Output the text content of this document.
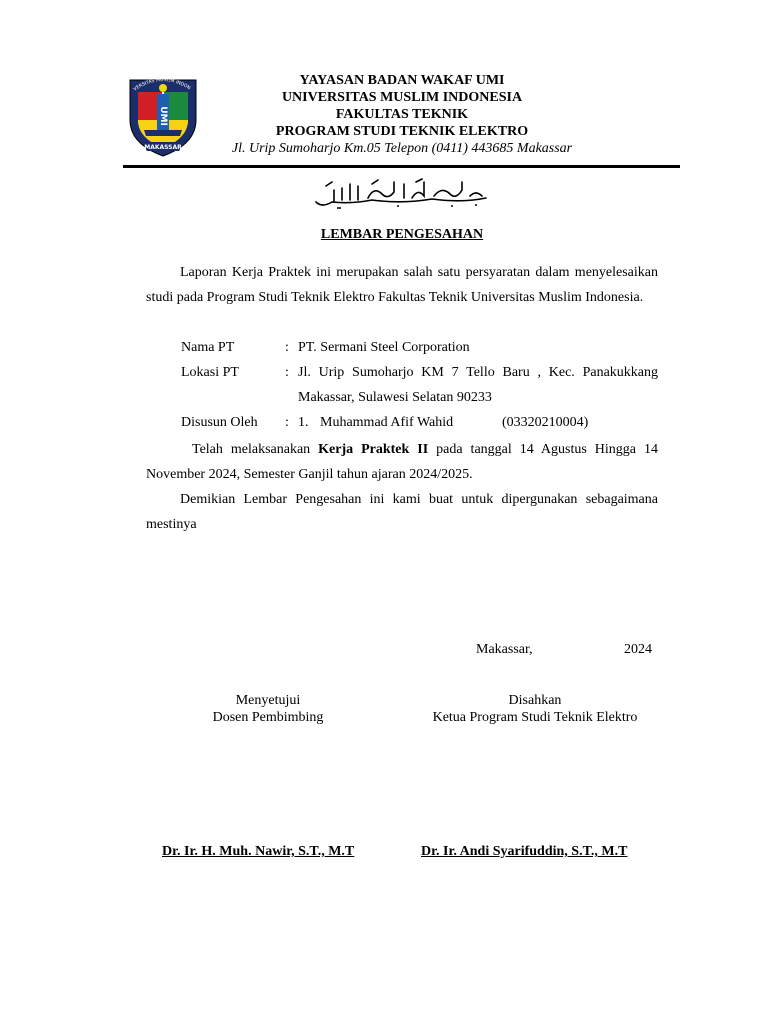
UMI
VERSITAS MUSLIM INDON
MAKASSAR
YAYASAN BADAN WAKAF UMI
UNIVERSITAS MUSLIM INDONESIA
FAKULTAS TEKNIK
PROGRAM STUDI TEKNIK ELEKTRO
Jl. Urip Sumoharjo Km.05 Telepon (0411) 443685 Makassar
LEMBAR PENGESAHAN
Laporan Kerja Praktek ini merupakan salah satu persyaratan dalam menyelesaikan studi pada Program Studi Teknik Elektro Fakultas Teknik Universitas Muslim Indonesia.
Nama PT	: PT. Sermani Steel Corporation
Lokasi PT	: Jl. Urip Sumoharjo KM 7 Tello Baru , Kec. Panakukkang
Makassar, Sulawesi Selatan 90233
Disusun Oleh : 1. Muhammad Afif Wahid	(03320210004)
Telah melaksanakan Kerja Praktek II pada tanggal 14 Agustus Hingga 14 November 2024, Semester Ganjil tahun ajaran 2024/2025.
Demikian Lembar Pengesahan ini kami buat untuk dipergunakan sebagaimana mestinya
Makassar,	2024
Menyetujui
Dosen Pembimbing
Disahkan
Ketua Program Studi Teknik Elektro
Dr. Ir. H. Muh. Nawir, S.T., M.T	Dr. Ir. Andi Syarifuddin, S.T., M.T
